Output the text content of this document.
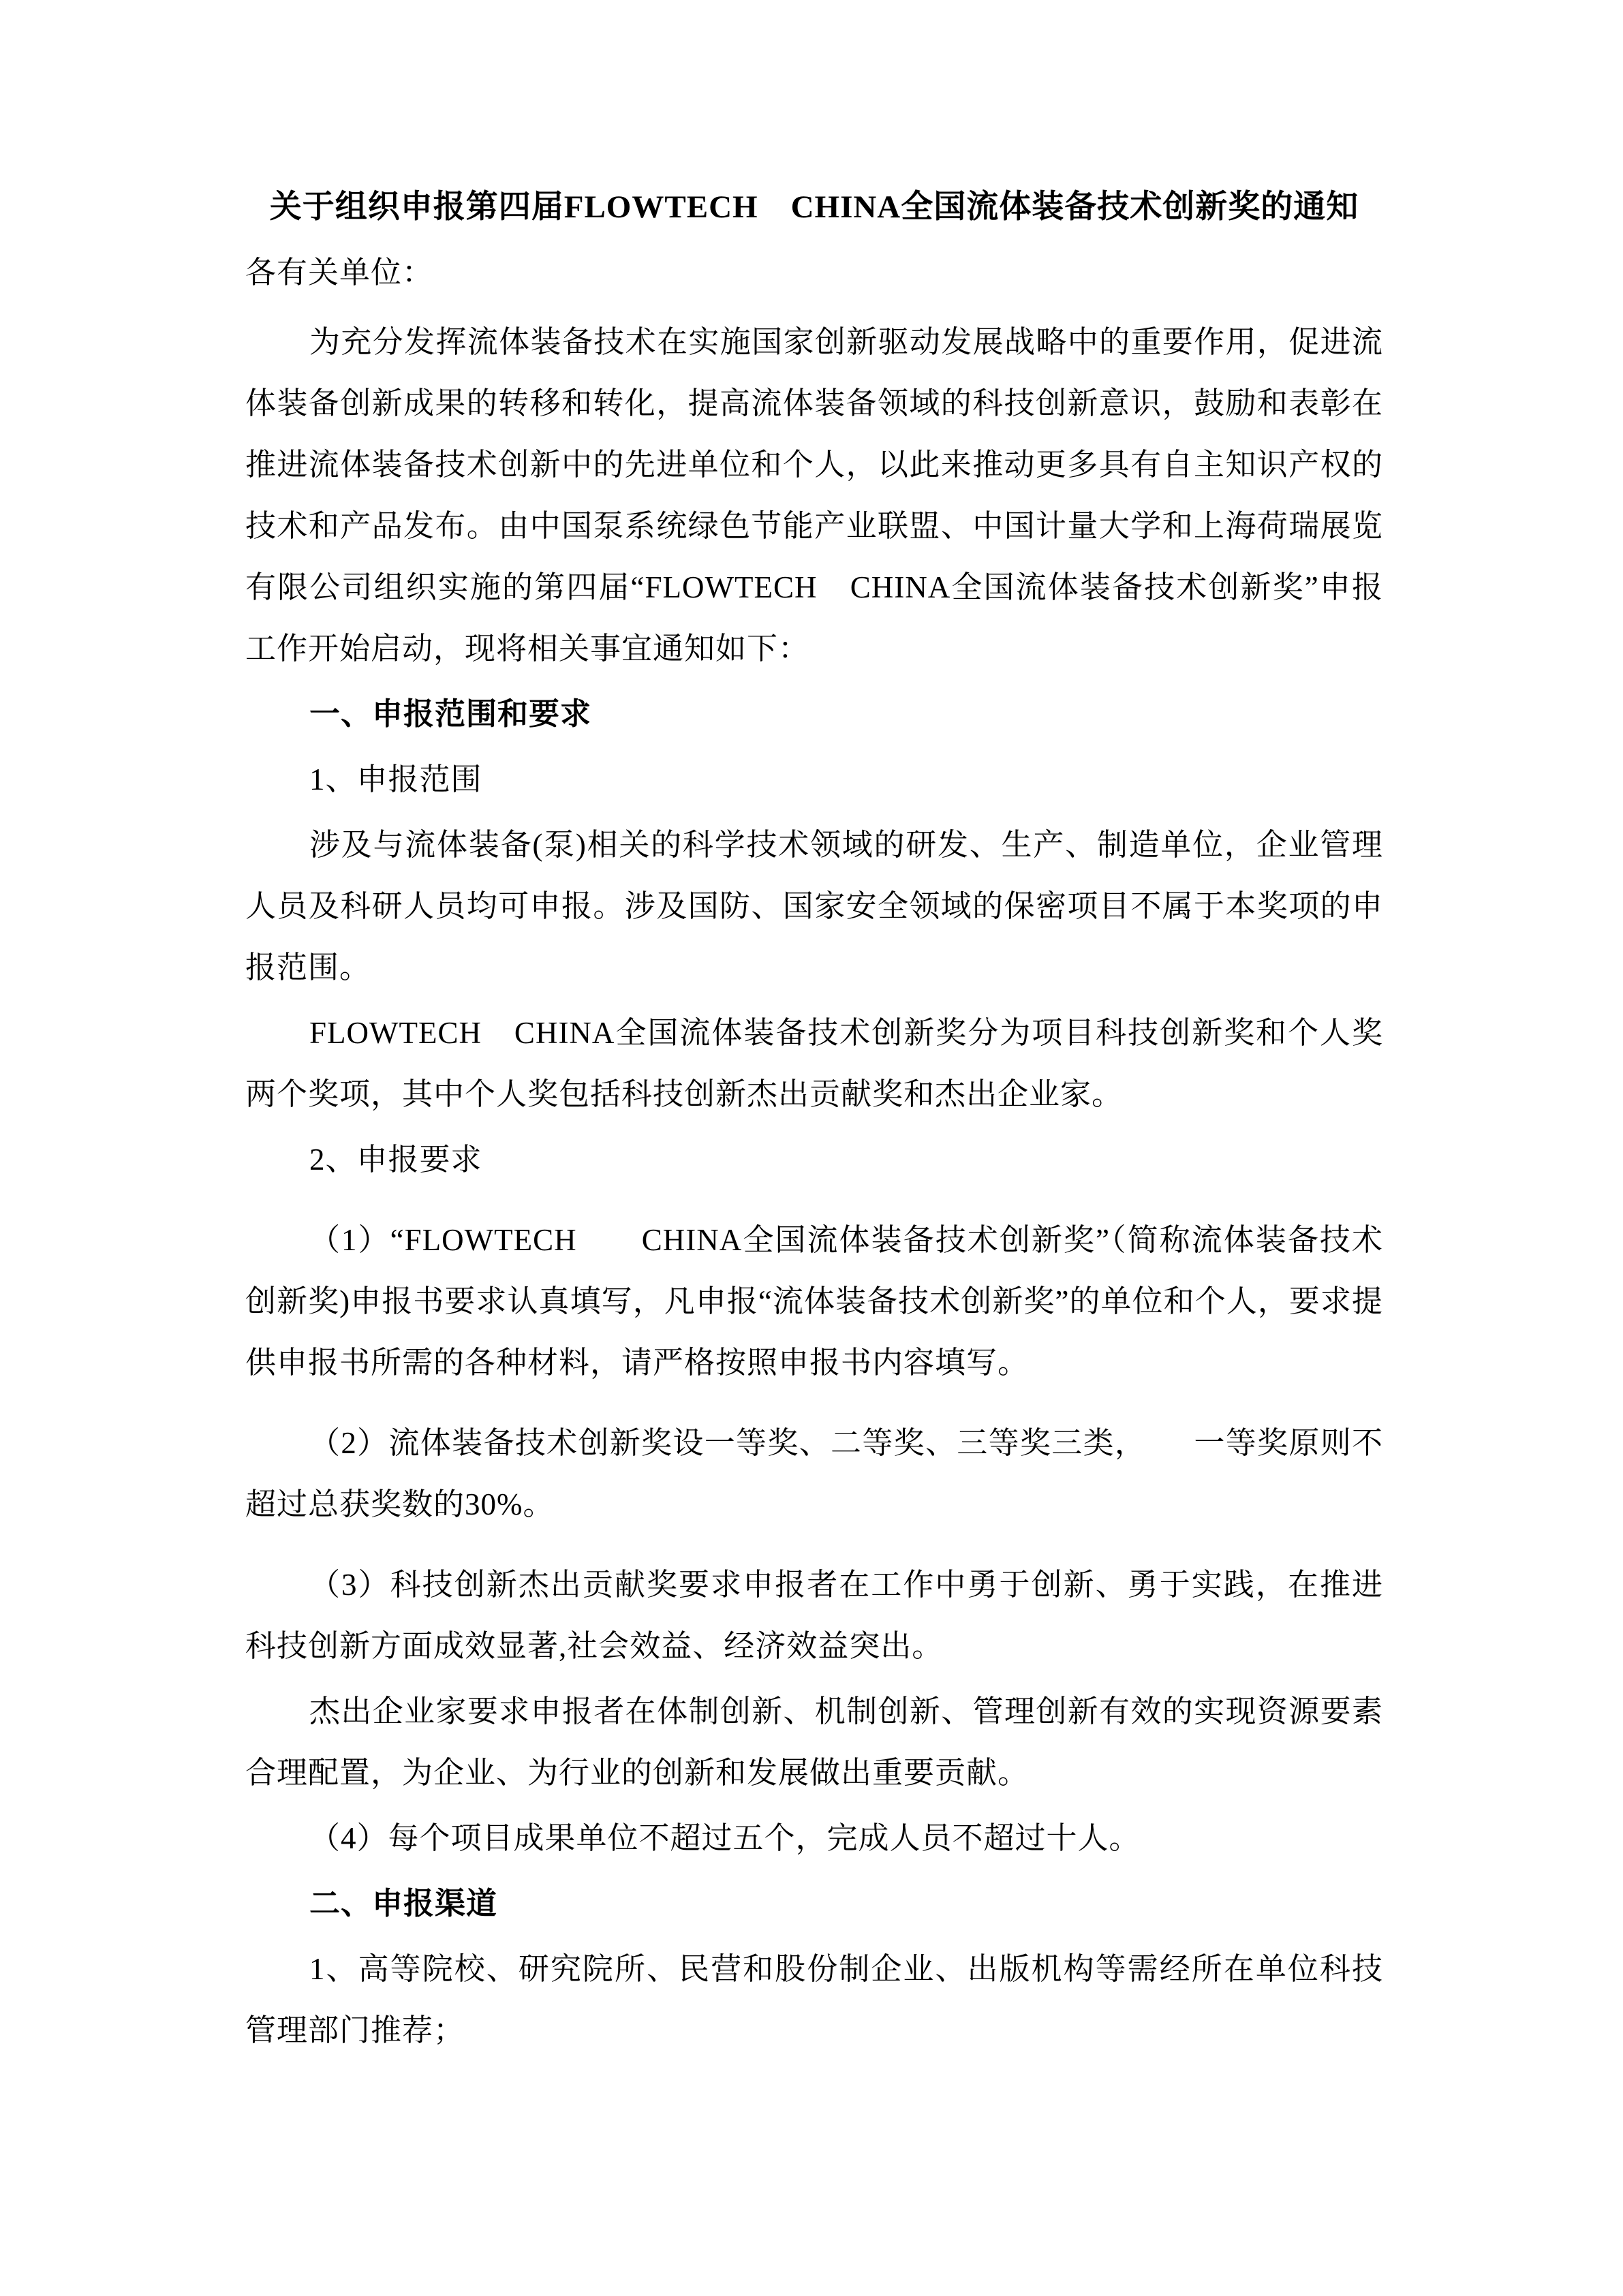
关于组织申报第四届FLOWTECH　CHINA全国流体装备技术创新奖的通知

各有关单位：

为充分发挥流体装备技术在实施国家创新驱动发展战略中的重要作用，促进流体装备创新成果的转移和转化，提高流体装备领域的科技创新意识，鼓励和表彰在推进流体装备技术创新中的先进单位和个人，以此来推动更多具有自主知识产权的技术和产品发布。由中国泵系统绿色节能产业联盟、中国计量大学和上海荷瑞展览有限公司组织实施的第四届“FLOWTECH　CHINA全国流体装备技术创新奖”申报工作开始启动，现将相关事宜通知如下：

一、申报范围和要求

1、申报范围

涉及与流体装备(泵)相关的科学技术领域的研发、生产、制造单位，企业管理人员及科研人员均可申报。涉及国防、国家安全领域的保密项目不属于本奖项的申报范围。

FLOWTECH　CHINA全国流体装备技术创新奖分为项目科技创新奖和个人奖两个奖项，其中个人奖包括科技创新杰出贡献奖和杰出企业家。

2、申报要求

（1）“FLOWTECH　　CHINA全国流体装备技术创新奖”（简称流体装备技术创新奖)申报书要求认真填写，凡申报“流体装备技术创新奖”的单位和个人，要求提供申报书所需的各种材料，请严格按照申报书内容填写。

（2）流体装备技术创新奖设一等奖、二等奖、三等奖三类，　　一等奖原则不超过总获奖数的30%。

（3）科技创新杰出贡献奖要求申报者在工作中勇于创新、勇于实践，在推进科技创新方面成效显著,社会效益、经济效益突出。

杰出企业家要求申报者在体制创新、机制创新、管理创新有效的实现资源要素合理配置，为企业、为行业的创新和发展做出重要贡献。

（4）每个项目成果单位不超过五个，完成人员不超过十人。

二、申报渠道

1、高等院校、研究院所、民营和股份制企业、出版机构等需经所在单位科技管理部门推荐；
